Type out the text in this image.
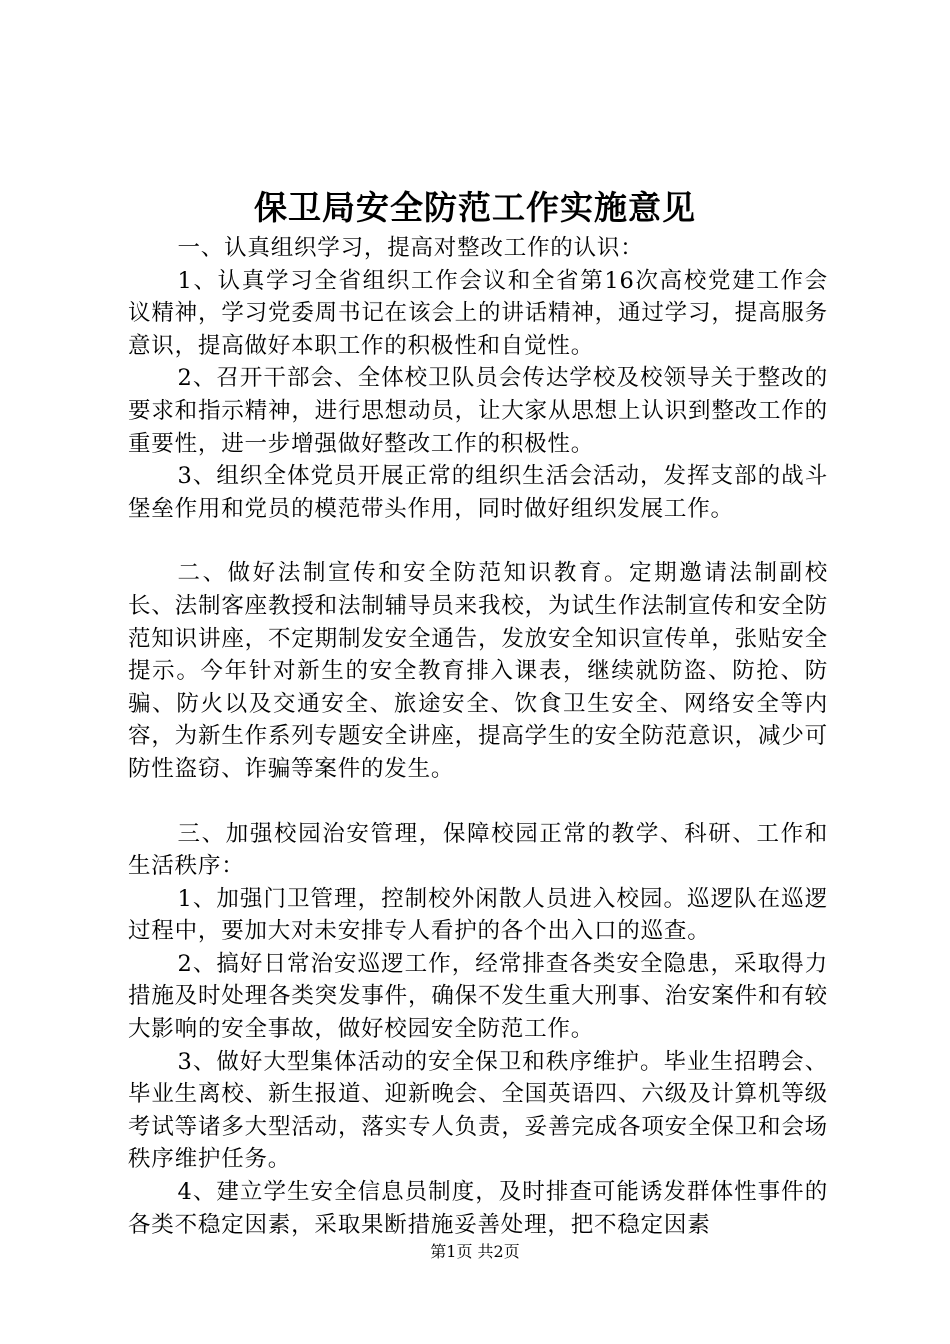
保卫局安全防范工作实施意见

一、认真组织学习，提高对整改工作的认识：

1、认真学习全省组织工作会议和全省第16次高校党建工作会议精神，学习党委周书记在该会上的讲话精神，通过学习，提高服务意识，提高做好本职工作的积极性和自觉性。

2、召开干部会、全体校卫队员会传达学校及校领导关于整改的要求和指示精神，进行思想动员，让大家从思想上认识到整改工作的重要性，进一步增强做好整改工作的积极性。

3、组织全体党员开展正常的组织生活会活动，发挥支部的战斗堡垒作用和党员的模范带头作用，同时做好组织发展工作。

二、做好法制宣传和安全防范知识教育。定期邀请法制副校长、法制客座教授和法制辅导员来我校，为试生作法制宣传和安全防范知识讲座，不定期制发安全通告，发放安全知识宣传单，张贴安全提示。今年针对新生的安全教育排入课表，继续就防盗、防抢、防骗、防火以及交通安全、旅途安全、饮食卫生安全、网络安全等内容，为新生作系列专题安全讲座，提高学生的安全防范意识，减少可防性盗窃、诈骗等案件的发生。

三、加强校园治安管理，保障校园正常的教学、科研、工作和生活秩序：

1、加强门卫管理，控制校外闲散人员进入校园。巡逻队在巡逻过程中，要加大对未安排专人看护的各个出入口的巡查。

2、搞好日常治安巡逻工作，经常排查各类安全隐患，采取得力措施及时处理各类突发事件，确保不发生重大刑事、治安案件和有较大影响的安全事故，做好校园安全防范工作。

3、做好大型集体活动的安全保卫和秩序维护。毕业生招聘会、毕业生离校、新生报道、迎新晚会、全国英语四、六级及计算机等级考试等诸多大型活动，落实专人负责，妥善完成各项安全保卫和会场秩序维护任务。

4、建立学生安全信息员制度，及时排查可能诱发群体性事件的各类不稳定因素，采取果断措施妥善处理，把不稳定因素

第1页 共2页
